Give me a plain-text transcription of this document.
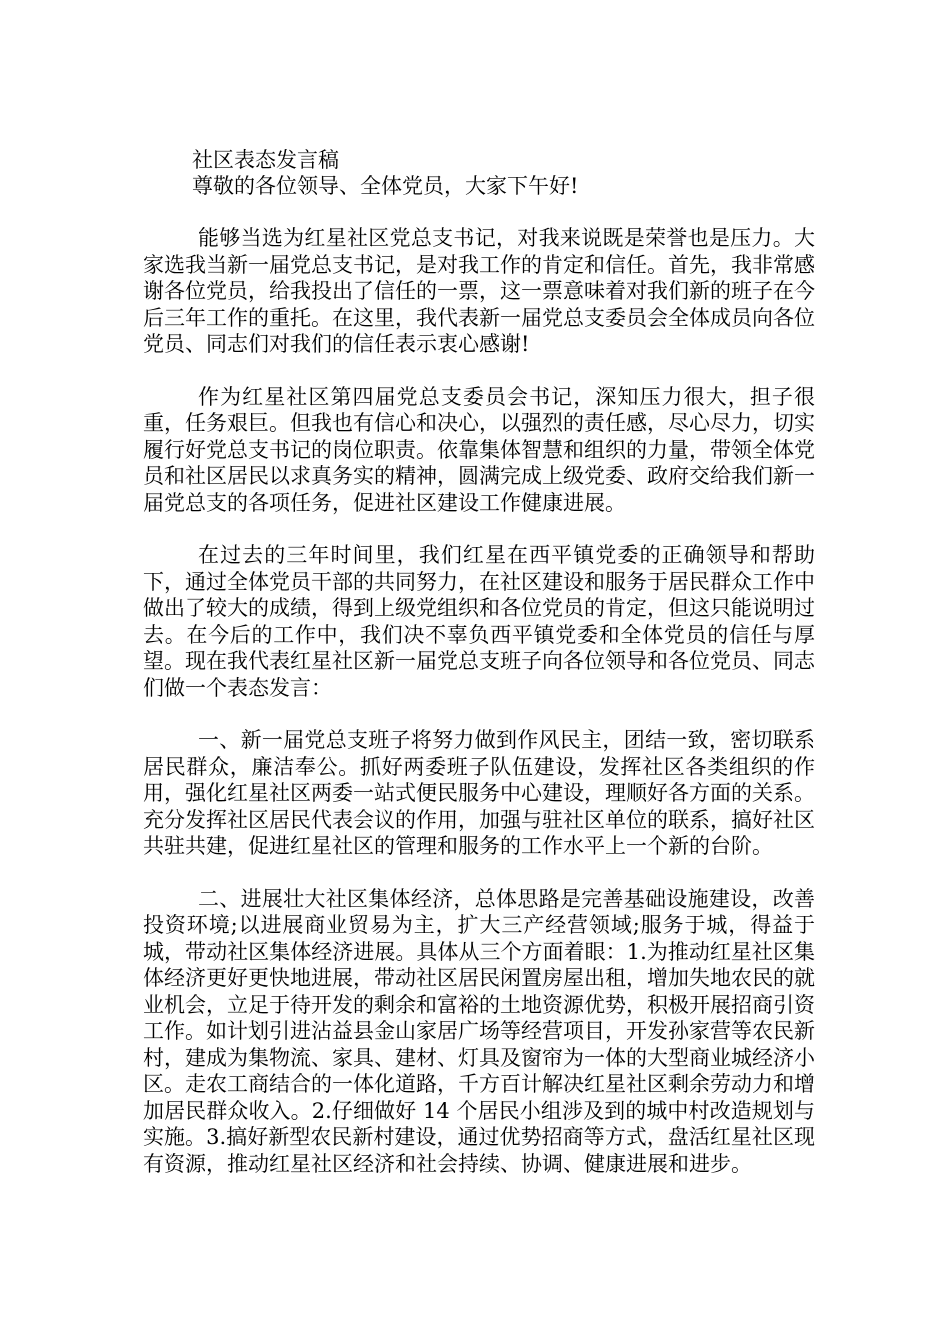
社区表态发言稿

尊敬的各位领导、全体党员，大家下午好!

能够当选为红星社区党总支书记，对我来说既是荣誉也是压力。大家选我当新一届党总支书记，是对我工作的肯定和信任。首先，我非常感谢各位党员，给我投出了信任的一票，这一票意味着对我们新的班子在今后三年工作的重托。在这里，我代表新一届党总支委员会全体成员向各位党员、同志们对我们的信任表示衷心感谢!

作为红星社区第四届党总支委员会书记，深知压力很大，担子很重，任务艰巨。但我也有信心和决心，以强烈的责任感，尽心尽力，切实履行好党总支书记的岗位职责。依靠集体智慧和组织的力量，带领全体党员和社区居民以求真务实的精神，圆满完成上级党委、政府交给我们新一届党总支的各项任务，促进社区建设工作健康进展。

在过去的三年时间里，我们红星在西平镇党委的正确领导和帮助下，通过全体党员干部的共同努力，在社区建设和服务于居民群众工作中做出了较大的成绩，得到上级党组织和各位党员的肯定，但这只能说明过去。在今后的工作中，我们决不辜负西平镇党委和全体党员的信任与厚望。现在我代表红星社区新一届党总支班子向各位领导和各位党员、同志们做一个表态发言：

一、新一届党总支班子将努力做到作风民主，团结一致，密切联系居民群众，廉洁奉公。抓好两委班子队伍建设，发挥社区各类组织的作用，强化红星社区两委一站式便民服务中心建设，理顺好各方面的关系。充分发挥社区居民代表会议的作用，加强与驻社区单位的联系，搞好社区共驻共建，促进红星社区的管理和服务的工作水平上一个新的台阶。

二、进展壮大社区集体经济，总体思路是完善基础设施建设，改善投资环境;以进展商业贸易为主，扩大三产经营领域;服务于城，得益于城，带动社区集体经济进展。具体从三个方面着眼：1.为推动红星社区集体经济更好更快地进展，带动社区居民闲置房屋出租，增加失地农民的就业机会，立足于待开发的剩余和富裕的土地资源优势，积极开展招商引资工作。如计划引进沾益县金山家居广场等经营项目，开发孙家营等农民新村，建成为集物流、家具、建材、灯具及窗帘为一体的大型商业城经济小区。走农工商结合的一体化道路，千方百计解决红星社区剩余劳动力和增加居民群众收入。2.仔细做好 14 个居民小组涉及到的城中村改造规划与实施。3.搞好新型农民新村建设，通过优势招商等方式，盘活红星社区现有资源，推动红星社区经济和社会持续、协调、健康进展和进步。
